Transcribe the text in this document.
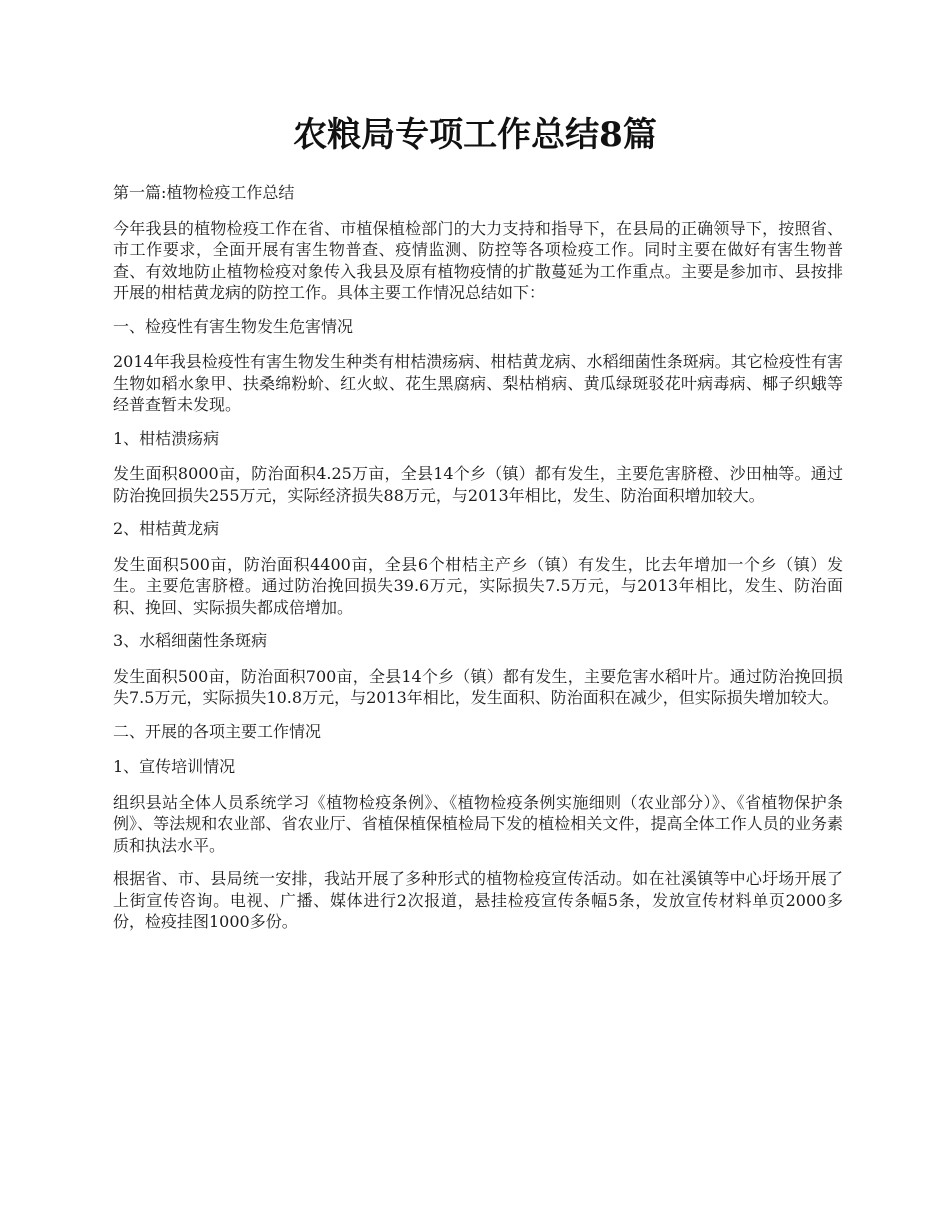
农粮局专项工作总结8篇

第一篇:植物检疫工作总结

今年我县的植物检疫工作在省、市植保植检部门的大力支持和指导下，在县局的正确领导下，按照省、市工作要求，全面开展有害生物普查、疫情监测、防控等各项检疫工作。同时主要在做好有害生物普查、有效地防止植物检疫对象传入我县及原有植物疫情的扩散蔓延为工作重点。主要是参加市、县按排开展的柑桔黄龙病的防控工作。具体主要工作情况总结如下：

一、检疫性有害生物发生危害情况

2014年我县检疫性有害生物发生种类有柑桔溃疡病、柑桔黄龙病、水稻细菌性条斑病。其它检疫性有害生物如稻水象甲、扶桑绵粉蚧、红火蚁、花生黑腐病、梨枯梢病、黄瓜绿斑驳花叶病毒病、椰子织蛾等经普查暂未发现。

1、柑桔溃疡病

发生面积8000亩，防治面积4.25万亩，全县14个乡（镇）都有发生，主要危害脐橙、沙田柚等。通过防治挽回损失255万元，实际经济损失88万元，与2013年相比，发生、防治面积增加较大。

2、柑桔黄龙病

发生面积500亩，防治面积4400亩，全县6个柑桔主产乡（镇）有发生，比去年增加一个乡（镇）发生。主要危害脐橙。通过防治挽回损失39.6万元，实际损失7.5万元，与2013年相比，发生、防治面积、挽回、实际损失都成倍增加。

3、水稻细菌性条斑病

发生面积500亩，防治面积700亩，全县14个乡（镇）都有发生，主要危害水稻叶片。通过防治挽回损失7.5万元，实际损失10.8万元，与2013年相比，发生面积、防治面积在减少，但实际损失增加较大。

二、开展的各项主要工作情况

1、宣传培训情况

组织县站全体人员系统学习《植物检疫条例》、《植物检疫条例实施细则（农业部分）》、《省植物保护条例》、等法规和农业部、省农业厅、省植保植保植检局下发的植检相关文件，提高全体工作人员的业务素质和执法水平。

根据省、市、县局统一安排，我站开展了多种形式的植物检疫宣传活动。如在社溪镇等中心圩场开展了上街宣传咨询。电视、广播、媒体进行2次报道，悬挂检疫宣传条幅5条，发放宣传材料单页2000多份，检疫挂图1000多份。
